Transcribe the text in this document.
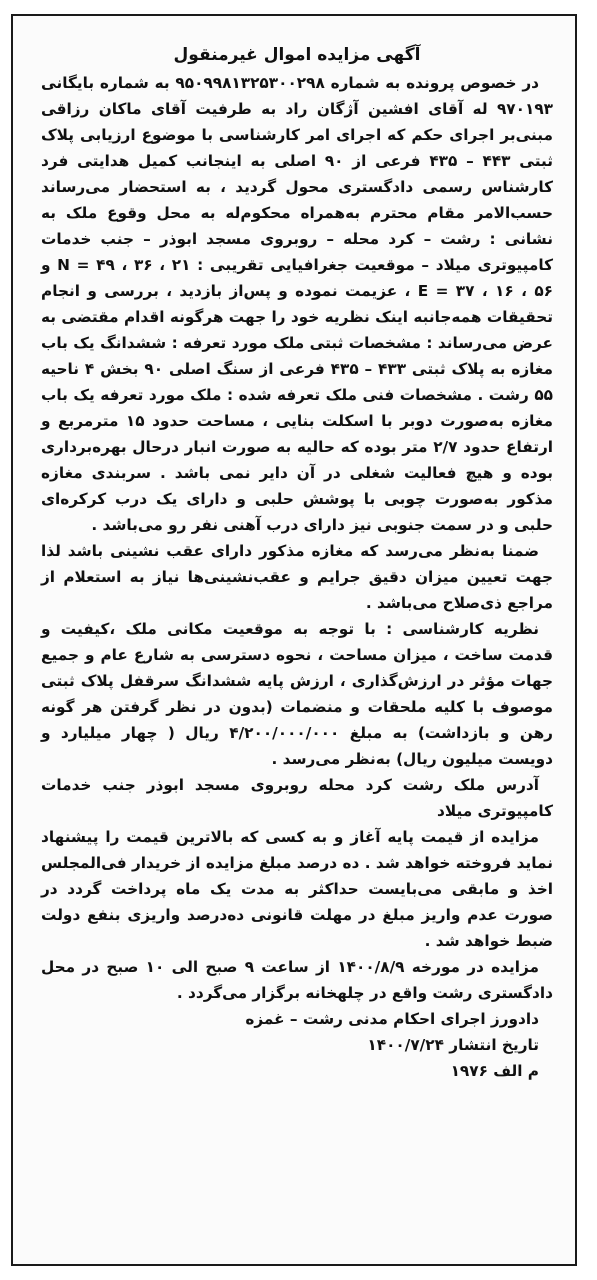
آگهی مزایده اموال غیرمنقول

در خصوص پرونده به شماره ۹۵۰۹۹۸۱۳۲۵۳۰۰۲۹۸ به شماره بایگانی ۹۷۰۱۹۳ له آقای افشین آژگان راد به طرفیت آقای ماکان رزاقی مبنی‌بر اجرای حکم که اجرای امر کارشناسی با موضوع ارزیابی پلاک ثبتی ۴۴۳ – ۴۳۵ فرعی از ۹۰ اصلی به اینجانب کمیل هدایتی فرد کارشناس رسمی دادگستری محول گردید ، به استحضار می‌رساند حسب‌الامر مقام محترم به‌همراه محکوم‌له به محل وقوع ملک به نشانی : رشت – کرد محله – روبروی مسجد ابوذر – جنب خدمات کامپیوتری میلاد – موقعیت جغرافیایی تقریبی : ۲۱ ، ۳۶ ، ۴۹ = N و ۵۶ ، ۱۶ ، ۳۷ = E ، عزیمت نموده و پس‌از بازدید ، بررسی و انجام تحقیقات همه‌جانبه اینک نظریه خود را جهت هرگونه اقدام مقتضی به عرض می‌رساند : مشخصات ثبتی ملک مورد تعرفه : ششدانگ یک باب مغازه به پلاک ثبتی ۴۳۳ – ۴۳۵ فرعی از سنگ اصلی ۹۰ بخش ۴ ناحیه ۵۵ رشت . مشخصات فنی ملک تعرفه شده : ملک مورد تعرفه یک باب مغازه به‌صورت دوبر با اسکلت بنایی ، مساحت حدود ۱۵ مترمربع و ارتفاع حدود ۲/۷ متر بوده که حالیه به صورت انبار درحال بهره‌برداری بوده و هیچ فعالیت شغلی در آن دایر نمی باشد . سربندی مغازه مذکور به‌صورت چوبی با پوشش حلبی و دارای یک درب کرکره‌ای حلبی و در سمت جنوبی نیز دارای درب آهنی نفر رو می‌باشد .

ضمنا به‌نظر می‌رسد که مغازه مذکور دارای عقب نشینی باشد لذا جهت تعیین میزان دقیق جرایم و عقب‌نشینی‌ها نیاز به استعلام از مراجع ذی‌صلاح می‌باشد .

نظریه کارشناسی : با توجه به موقعیت مکانی ملک ،کیفیت و قدمت ساخت ، میزان مساحت ، نحوه دسترسی به شارع عام و جمیع جهات مؤثر در ارزش‌گذاری ، ارزش پایه ششدانگ سرقفل پلاک ثبتی موصوف با کلیه ملحقات و منضمات (بدون در نظر گرفتن هر گونه رهن و بازداشت) به مبلغ ۴/۲۰۰/۰۰۰/۰۰۰ ریال ( چهار میلیارد و دویست میلیون ریال) به‌نظر می‌رسد .

آدرس ملک رشت کرد محله روبروی مسجد ابوذر جنب خدمات کامپیوتری میلاد

مزایده از قیمت پایه آغاز و به کسی که بالاترین قیمت را پیشنهاد نماید فروخته خواهد شد . ده درصد مبلغ مزایده از خریدار فی‌المجلس اخذ و مابقی می‌بایست حداکثر به مدت یک ماه پرداخت گردد در صورت عدم واریز مبلغ در مهلت قانونی ده‌درصد واریزی بنفع دولت ضبط خواهد شد .

مزایده در مورخه ۱۴۰۰/۸/۹ از ساعت ۹ صبح الی ۱۰ صبح در محل دادگستری رشت واقع در چلهخانه برگزار می‌گردد .

دادورز اجرای احکام مدنی رشت – غمزه

تاریخ انتشار ۱۴۰۰/۷/۲۴

م الف ۱۹۷۶
